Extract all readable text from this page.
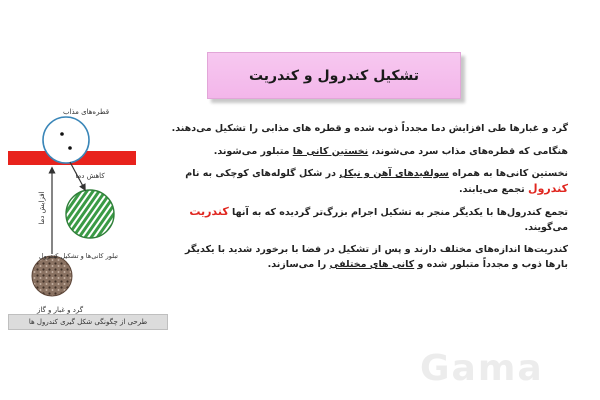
تشکیل کندرول و کندریت

گرد و غبارها طی افزایش دما مجدداً ذوب شده و قطره های مذابی را تشکیل می‌دهند.

هنگامی که قطره‌های مذاب سرد می‌شوند، نخستین کانی ها متبلور می‌شوند.

نخستین کانی‌ها به همراه سولفیدهای آهن و نیکل در شکل گلوله‌های کوچکی به نام کندرول تجمع می‌یابند.

تجمع کندرول‌ها با یکدیگر منجر به تشکیل اجرام بزرگ‌تر گردیده که به آنها کندریت می‌گویند.

کندریت‌ها اندازه‌های مختلف دارند و پس از تشکیل در فضا با برخورد شدید با یکدیگر بارها ذوب و مجدداً متبلور شده و کانی های مختلفی را می‌سازند.

قطره‌های مذاب
کاهش دما
افزایش دما
تبلور کانی‌ها و تشکیل کندرول
گرد و غبار و گاز
طرحی از چگونگی شکل گیری کندرول ها
Gama
